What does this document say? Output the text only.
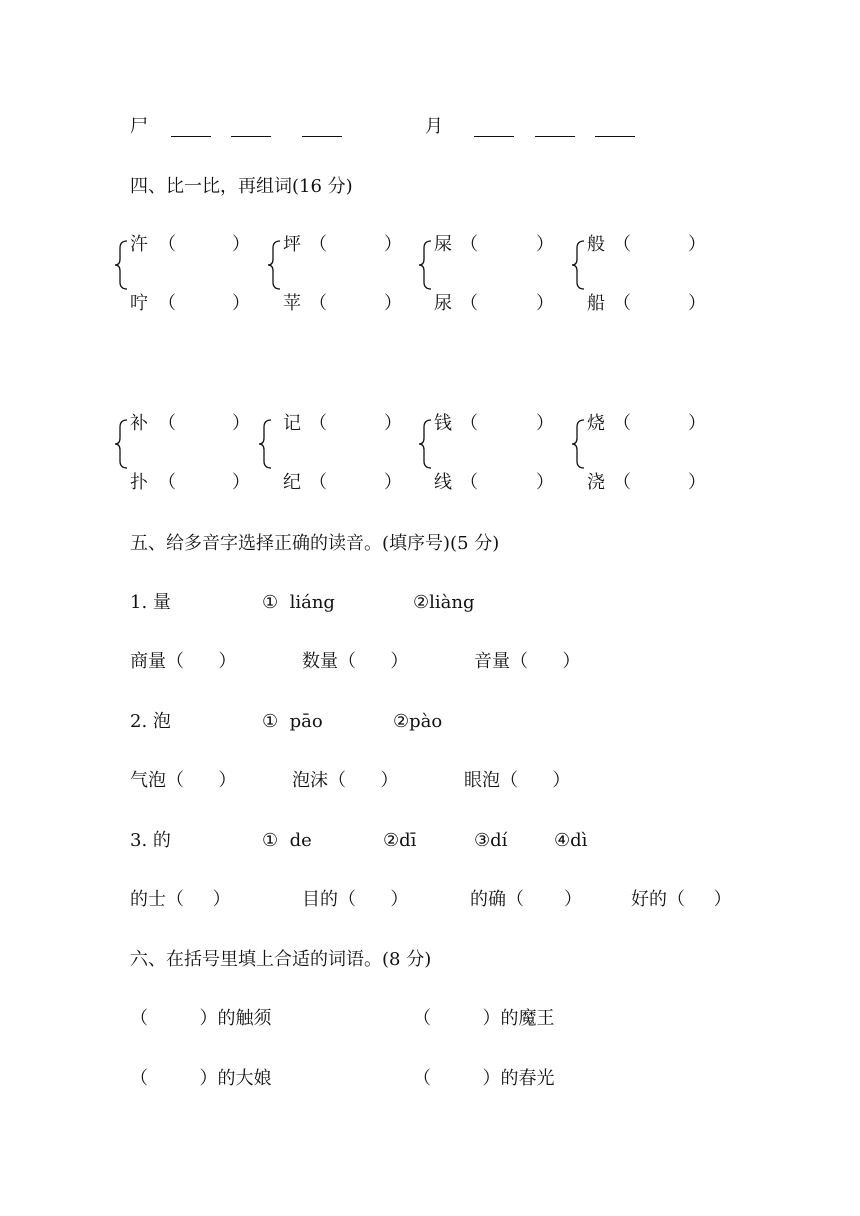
尸	月
四、比一比，再组词(16 分)
汻 （	）
咛 （	）
坪 （	）
苹 （	）
屎 （	）
尿 （	）
般 （	）
船 （	）
补 （	）
扑 （	）
记 （	）
纪 （	）
钱 （	）
线 （	）
烧 （	）
浇 （	）
五、给多音字选择正确的读音。(填序号)(5 分)
1. 量	①  liáng	②liàng
商量（      ）	数量（      ）	音量（      ）
2. 泡	①  pāo	②pào
气泡（      ）	泡沫（      ）	眼泡（      ）
3. 的	①  de	②dī	③dí	④dì
的士（     ）	目的（      ）	的确（       ）	好的（     ）
六、在括号里填上合适的词语。(8 分)
（         ）的触须	（         ）的魔王
（         ）的大娘	（         ）的春光
